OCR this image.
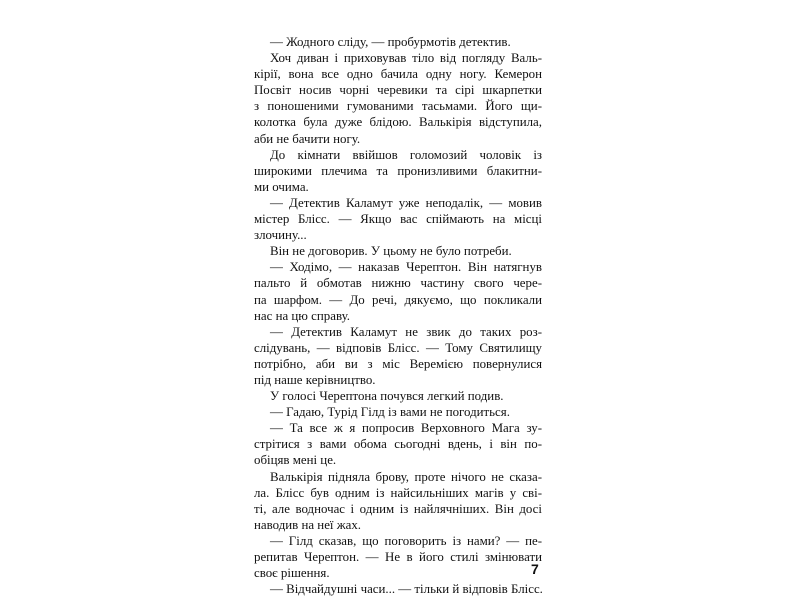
— Жодного сліду, — пробурмотів детектив.
Хоч диван і приховував тіло від погляду Валь-
кірії, вона все одно бачила одну ногу. Кемерон
Посвіт носив чорні черевики та сірі шкарпетки
з поношеними гумованими тасьмами. Його щи-
колотка була дуже блідою. Валькірія відступила,
аби не бачити ногу.
До кімнати ввійшов голомозий чоловік із
широкими плечима та пронизливими блакитни-
ми очима.
— Детектив Каламут уже неподалік, — мовив
містер Блісс. — Якщо вас спіймають на місці
злочину...
Він не договорив. У цьому не було потреби.
— Ходімо, — наказав Черептон. Він натягнув
пальто й обмотав нижню частину свого чере-
па шарфом. — До речі, дякуємо, що покликали
нас на цю справу.
— Детектив Каламут не звик до таких роз-
слідувань, — відповів Блісс. — Тому Святилищу
потрібно, аби ви з міс Веремією повернулися
під наше керівництво.
У голосі Черептона почувся легкий подив.
— Гадаю, Турід Гілд із вами не погодиться.
— Та все ж я попросив Верховного Мага зу-
стрітися з вами обома сьогодні вдень, і він по-
обіцяв мені це.
Валькірія підняла брову, проте нічого не сказа-
ла. Блісс був одним із найсильніших магів у сві-
ті, але водночас і одним із найлячніших. Він досі
наводив на неї жах.
— Гілд сказав, що поговорить із нами? — пе-
репитав Черептон. — Не в його стилі змінювати
своє рішення.
— Відчайдушні часи... — тільки й відповів Блісс.
7
